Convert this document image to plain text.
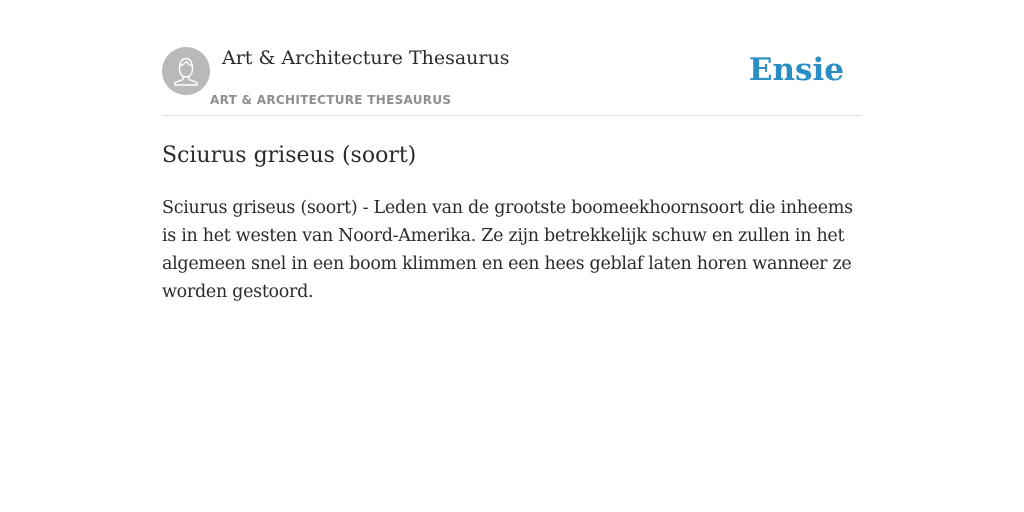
Art & Architecture Thesaurus
ART & ARCHITECTURE THESAURUS
Ensie
Sciurus griseus (soort)

Sciurus griseus (soort) - Leden van de grootste boomeekhoornsoort die inheems is in het westen van Noord-Amerika. Ze zijn betrekkelijk schuw en zullen in het algemeen snel in een boom klimmen en een hees geblaf laten horen wanneer ze worden gestoord.
